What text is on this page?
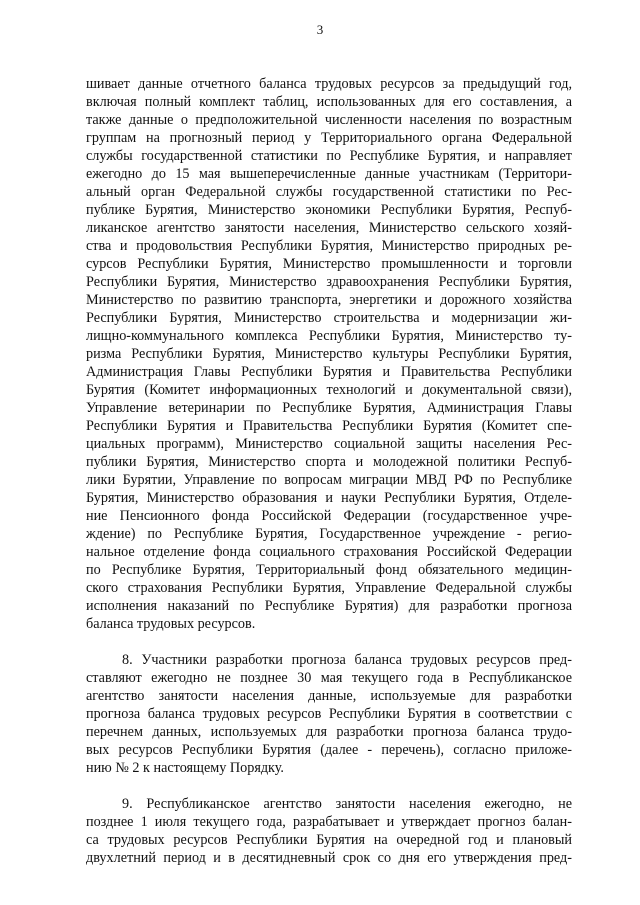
3
шивает данные отчетного баланса трудовых ресурсов за предыдущий год,
включая полный комплект таблиц, использованных для его составления, а
также данные о предположительной численности населения по возрастным
группам на прогнозный период у Территориального органа Федеральной
службы государственной статистики по Республике Бурятия, и направляет
ежегодно до 15 мая вышеперечисленные данные участникам (Территори-
альный орган Федеральной службы государственной статистики по Рес-
публике Бурятия, Министерство экономики Республики Бурятия, Респуб-
ликанское агентство занятости населения, Министерство сельского хозяй-
ства и продовольствия Республики Бурятия, Министерство природных ре-
сурсов Республики Бурятия, Министерство промышленности и торговли
Республики Бурятия, Министерство здравоохранения Республики Бурятия,
Министерство по развитию транспорта, энергетики и дорожного хозяйства
Республики Бурятия, Министерство строительства и модернизации жи-
лищно-коммунального комплекса Республики Бурятия, Министерство ту-
ризма Республики Бурятия, Министерство культуры Республики Бурятия,
Администрация Главы Республики Бурятия и Правительства Республики
Бурятия (Комитет информационных технологий и документальной связи),
Управление ветеринарии по Республике Бурятия, Администрация Главы
Республики Бурятия и Правительства Республики Бурятия (Комитет спе-
циальных программ), Министерство социальной защиты населения Рес-
публики Бурятия, Министерство спорта и молодежной политики Респуб-
лики Бурятии, Управление по вопросам миграции МВД РФ по Республике
Бурятия, Министерство образования и науки Республики Бурятия, Отделе-
ние Пенсионного фонда Российской Федерации (государственное учре-
ждение) по Республике Бурятия, Государственное учреждение - регио-
нальное отделение фонда социального страхования Российской Федерации
по Республике Бурятия, Территориальный фонд обязательного медицин-
ского страхования Республики Бурятия, Управление Федеральной службы
исполнения наказаний по Республике Бурятия) для разработки прогноза
баланса трудовых ресурсов.
8. Участники разработки прогноза баланса трудовых ресурсов пред-
ставляют ежегодно не позднее 30 мая текущего года в Республиканское
агентство занятости населения данные, используемые для разработки
прогноза баланса трудовых ресурсов Республики Бурятия в соответствии с
перечнем данных, используемых для разработки прогноза баланса трудо-
вых ресурсов Республики Бурятия (далее - перечень), согласно приложе-
нию № 2 к настоящему Порядку.
9. Республиканское агентство занятости населения ежегодно, не
позднее 1 июля текущего года, разрабатывает и утверждает прогноз балан-
са трудовых ресурсов Республики Бурятия на очередной год и плановый
двухлетний период и в десятидневный срок со дня его утверждения пред-
